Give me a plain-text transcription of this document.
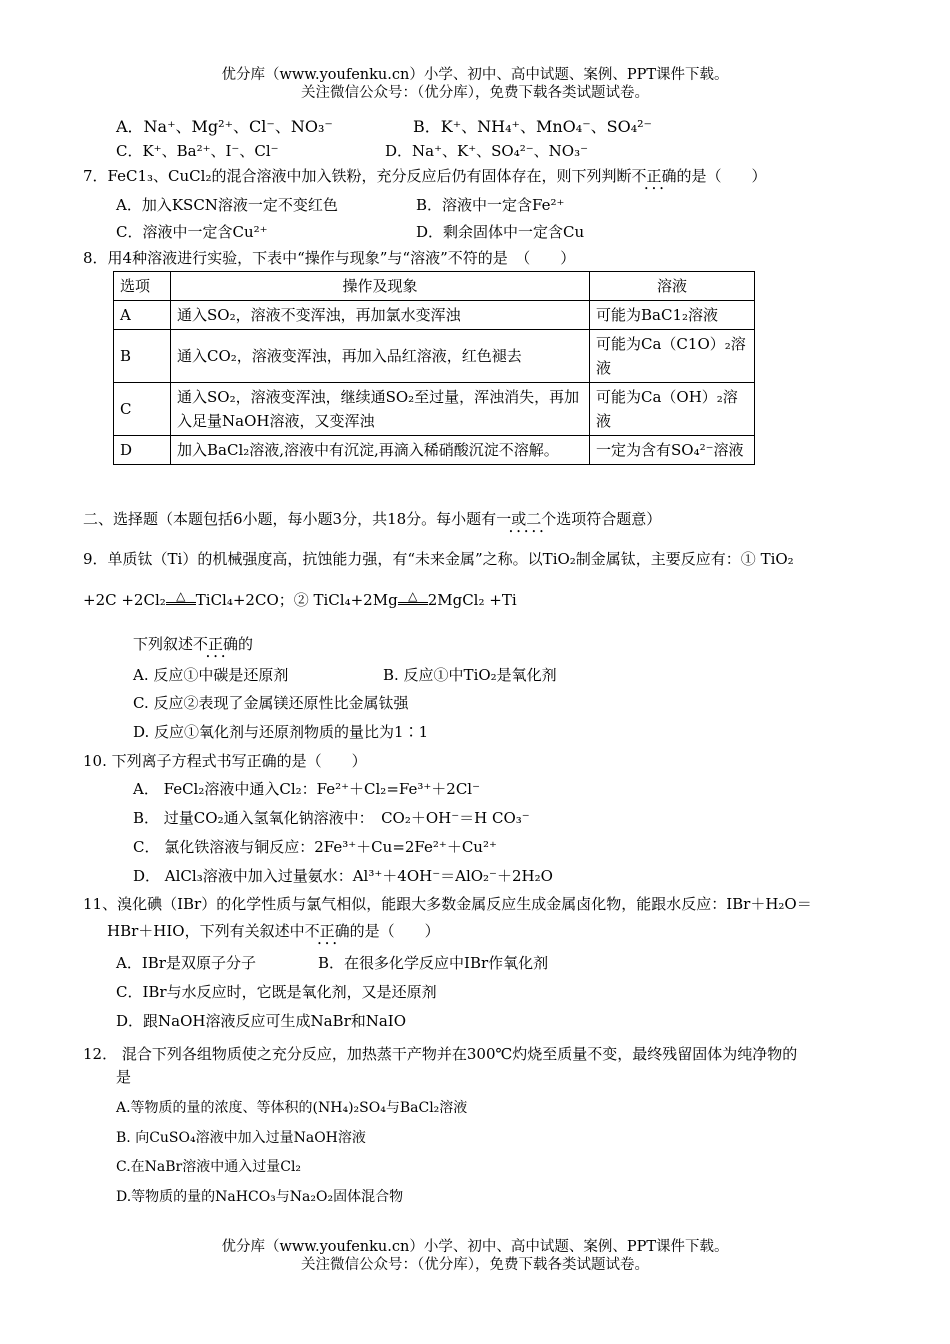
优分库（www.youfenku.cn）小学、初中、高中试题、案例、PPT课件下载。
关注微信公众号：（优分库），免费下载各类试题试卷。
A．Na⁺、Mg²⁺、Cl⁻、NO₃⁻	B．K⁺、NH₄⁺、MnO₄⁻、SO₄²⁻
C．K⁺、Ba²⁺、I⁻、Cl⁻	D．Na⁺、K⁺、SO₄²⁻、NO₃⁻
7．FeC1₃、CuCl₂的混合溶液中加入铁粉，充分反应后仍有固体存在，则下列判断不正确 • • •的是（　　）
A．加入KSCN溶液一定不变红色	B．溶液中一定含Fe²⁺
C．溶液中一定含Cu²⁺	D．剩余固体中一定含Cu
8．用4种溶液进行实验，下表中“操作与现象”与“溶液”不符的是　（　　）
选项	操作及现象	溶液
A	通入SO₂，溶液不变浑浊，再加氯水变浑浊	可能为BaC1₂溶液
B	通入CO₂，溶液变浑浊，再加入品红溶液，红色褪去	可能为Ca（C1O）₂溶液
C	通入SO₂，溶液变浑浊，继续通SO₂至过量，浑浊消失，再加入足量NaOH溶液，又变浑浊	可能为Ca（OH）₂溶液
D	加入BaCl₂溶液,溶液中有沉淀,再滴入稀硝酸沉淀不溶解。	一定为含有SO₄²⁻溶液
二、选择题（本题包括6小题，每小题3分，共18分。每小题有一或二个 • • •选项符合题意）
9．单质钛（Ti）的机械强度高，抗蚀能力强，有“未来金属”之称。以TiO₂制金属钛，主要反应有：① TiO₂
+2C +2Cl₂ △ TiCl₄+2CO；② TiCl₄+2Mg △ 2MgCl₂ +Ti
下列叙述不正确 • • •的
A. 反应①中碳是还原剂	B. 反应①中TiO₂是氧化剂
C. 反应②表现了金属镁还原性比金属钛强
D. 反应①氧化剂与还原剂物质的量比为1∶1
10. 下列离子方程式书写正确的是（　　）
A． FeCl₂溶液中通入Cl₂：Fe²⁺＋Cl₂=Fe³⁺＋2Cl⁻
B． 过量CO₂通入氢氧化钠溶液中：　CO₂＋OH⁻＝H CO₃⁻
C． 氯化铁溶液与铜反应：2Fe³⁺＋Cu=2Fe²⁺＋Cu²⁺
D． AlCl₃溶液中加入过量氨水：Al³⁺＋4OH⁻＝AlO₂⁻＋2H₂O
11、溴化碘（IBr）的化学性质与氯气相似，能跟大多数金属反应生成金属卤化物，能跟水反应：IBr＋H₂O＝
HBr＋HIO，下列有关叙述中不正确 • • •的是（　　）
A．IBr是双原子分子	B．在很多化学反应中IBr作氧化剂
C．IBr与水反应时，它既是氧化剂，又是还原剂
D．跟NaOH溶液反应可生成NaBr和NaIO
12． 混合下列各组物质使之充分反应，加热蒸干产物并在300℃灼烧至质量不变，最终残留固体为纯净物的
是
A.等物质的量的浓度、等体积的(NH₄)₂SO₄与BaCl₂溶液
B. 向CuSO₄溶液中加入过量NaOH溶液
C.在NaBr溶液中通入过量Cl₂
D.等物质的量的NaHCO₃与Na₂O₂固体混合物
优分库（www.youfenku.cn）小学、初中、高中试题、案例、PPT课件下载。
关注微信公众号：（优分库），免费下载各类试题试卷。
